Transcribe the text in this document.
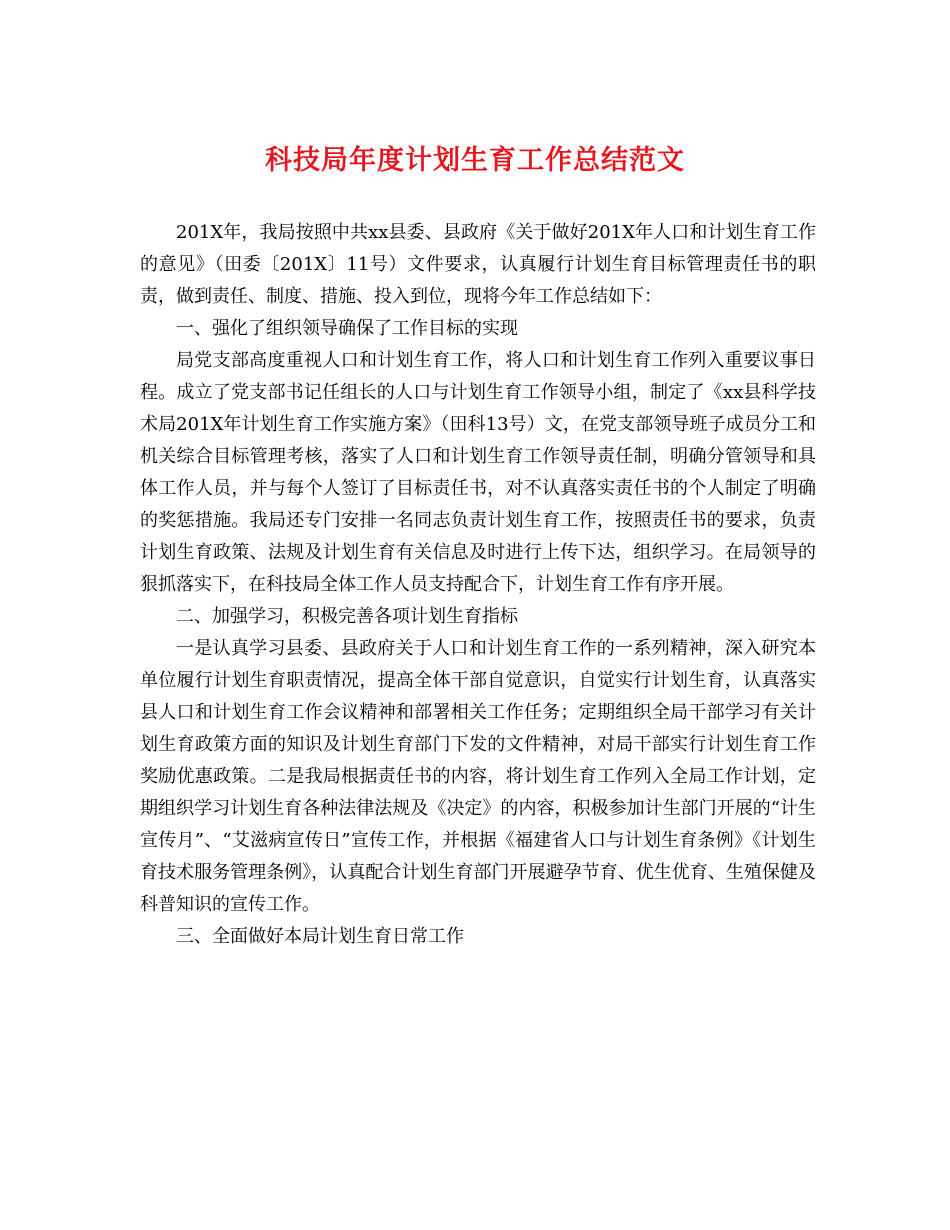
科技局年度计划生育工作总结范文

201X年，我局按照中共xx县委、县政府《关于做好201X年人口和计划生育工作的意见》（田委〔201X〕11号）文件要求，认真履行计划生育目标管理责任书的职责，做到责任、制度、措施、投入到位，现将今年工作总结如下：

一、强化了组织领导确保了工作目标的实现

局党支部高度重视人口和计划生育工作，将人口和计划生育工作列入重要议事日程。成立了党支部书记任组长的人口与计划生育工作领导小组，制定了《xx县科学技术局201X年计划生育工作实施方案》（田科13号）文，在党支部领导班子成员分工和机关综合目标管理考核，落实了人口和计划生育工作领导责任制，明确分管领导和具体工作人员，并与每个人签订了目标责任书，对不认真落实责任书的个人制定了明确的奖惩措施。我局还专门安排一名同志负责计划生育工作，按照责任书的要求，负责计划生育政策、法规及计划生育有关信息及时进行上传下达，组织学习。在局领导的狠抓落实下，在科技局全体工作人员支持配合下，计划生育工作有序开展。

二、加强学习，积极完善各项计划生育指标

一是认真学习县委、县政府关于人口和计划生育工作的一系列精神，深入研究本单位履行计划生育职责情况，提高全体干部自觉意识，自觉实行计划生育，认真落实县人口和计划生育工作会议精神和部署相关工作任务；定期组织全局干部学习有关计划生育政策方面的知识及计划生育部门下发的文件精神，对局干部实行计划生育工作奖励优惠政策。二是我局根据责任书的内容，将计划生育工作列入全局工作计划，定期组织学习计划生育各种法律法规及《决定》的内容，积极参加计生部门开展的“计生宣传月”、“艾滋病宣传日”宣传工作，并根据《福建省人口与计划生育条例》《计划生育技术服务管理条例》，认真配合计划生育部门开展避孕节育、优生优育、生殖保健及科普知识的宣传工作。

三、全面做好本局计划生育日常工作
